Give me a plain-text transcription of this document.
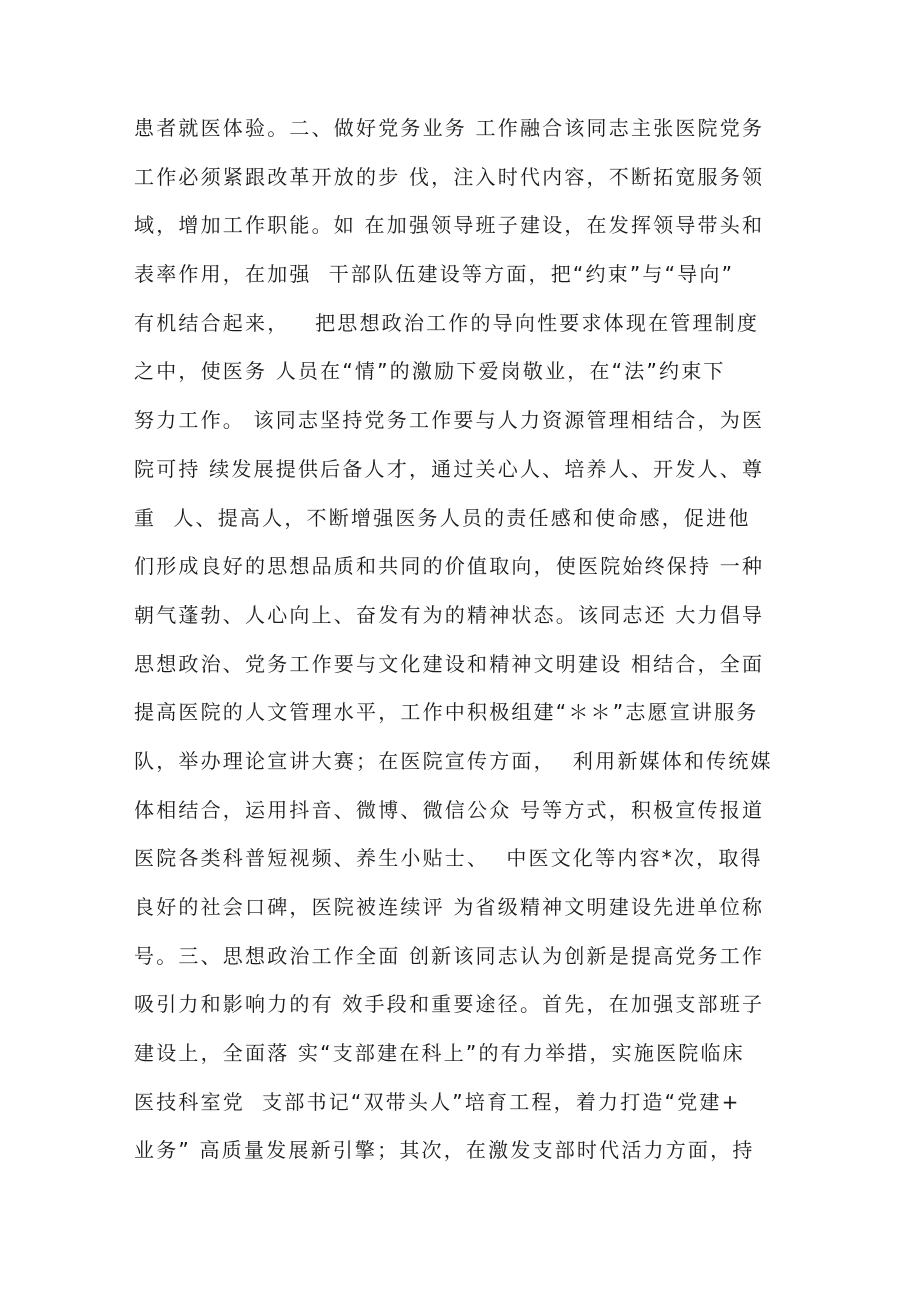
患者就医体验。二、做好党务业务 工作融合该同志主张医院党务
工作必须紧跟改革开放的步 伐，注入时代内容，不断拓宽服务领
域，增加工作职能。如 在加强领导班子建设，在发挥领导带头和
表率作用，在加强  干部队伍建设等方面，把“约束”与“导向”
有机结合起来，   把思想政治工作的导向性要求体现在管理制度
之中，使医务 人员在“情”的激励下爱岗敬业，在“法”约束下
努力工作。 该同志坚持党务工作要与人力资源管理相结合，为医
院可持 续发展提供后备人才，通过关心人、培养人、开发人、尊
重  人、提高人，不断增强医务人员的责任感和使命感，促进他
们形成良好的思想品质和共同的价值取向，使医院始终保持 一种
朝气蓬勃、人心向上、奋发有为的精神状态。该同志还 大力倡导
思想政治、党务工作要与文化建设和精神文明建设 相结合，全面
提高医院的人文管理水平，工作中积极组建“＊＊”志愿宣讲服务
队，举办理论宣讲大赛；在医院宣传方面，  利用新媒体和传统媒
体相结合，运用抖音、微博、微信公众 号等方式，积极宣传报道
医院各类科普短视频、养生小贴士、  中医文化等内容*次，取得
良好的社会口碑，医院被连续评 为省级精神文明建设先进单位称
号。三、思想政治工作全面 创新该同志认为创新是提高党务工作
吸引力和影响力的有 效手段和重要途径。首先，在加强支部班子
建设上，全面落 实“支部建在科上”的有力举措，实施医院临床
医技科室党  支部书记“双带头人”培育工程，着力打造“党建+
业务” 高质量发展新引擎；其次，在激发支部时代活力方面，持
